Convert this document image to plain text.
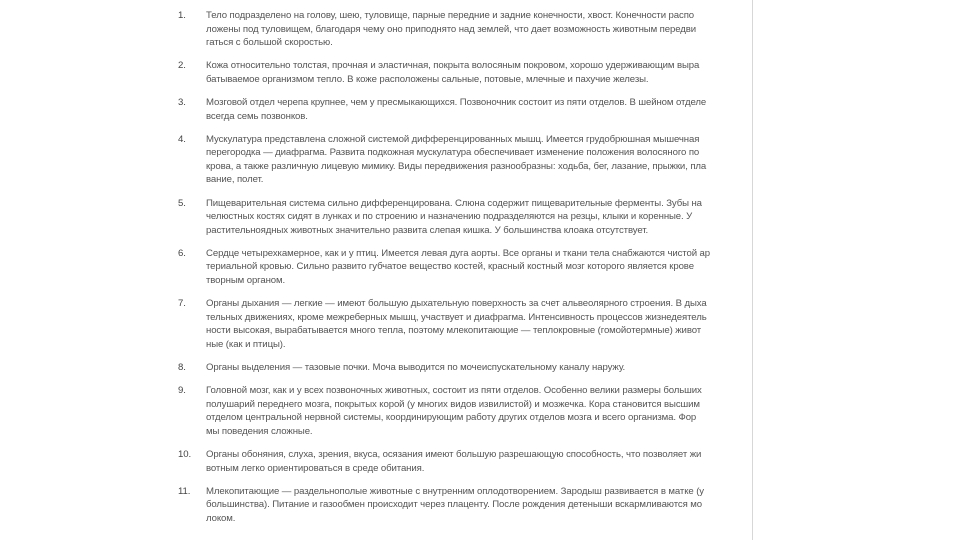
1.	Тело подразделено на голову, шею, туловище, парные передние и задние конечности, хвост. Конечности распо
ложены под туловищем, благодаря чему оно приподнято над землей, что дает возможность животным передви
гаться с большой скоростью.
2.	Кожа относительно толстая, прочная и эластичная, покрыта волосяным покровом, хорошо удерживающим выра
батываемое организмом тепло. В коже расположены сальные, потовые, млечные и пахучие железы.
3.	Мозговой отдел черепа крупнее, чем у пресмыкающихся. Позвоночник состоит из пяти отделов. В шейном отделе
всегда семь позвонков.
4.	Мускулатура представлена сложной системой дифференцированных мышц. Имеется грудобрюшная мышечная
перегородка — диафрагма. Развита подкожная мускулатура обеспечивает изменение положения волосяного по
крова, а также различную лицевую мимику. Виды передвижения разнообразны: ходьба, бег, лазание, прыжки, пла
вание, полет.
5.	Пищеварительная система сильно дифференцирована. Слюна содержит пищеварительные ферменты. Зубы на
челюстных костях сидят в лунках и по строению и назначению подразделяются на резцы, клыки и коренные. У
растительноядных животных значительно развита слепая кишка. У большинства клоака отсутствует.
6.	Сердце четырехкамерное, как и у птиц. Имеется левая дуга аорты. Все органы и ткани тела снабжаются чистой ар
териальной кровью. Сильно развито губчатое вещество костей, красный костный мозг которого является крове
творным органом.
7.	Органы дыхания — легкие — имеют большую дыхательную поверхность за счет альвеолярного строения. В дыха
тельных движениях, кроме межреберных мышц, участвует и диафрагма. Интенсивность процессов жизнедеятель
ности высокая, вырабатывается много тепла, поэтому млекопитающие — теплокровные (гомойотермные) живот
ные (как и птицы).
8.	Органы выделения — тазовые почки. Моча выводится по мочеиспускательному каналу наружу.
9.	Головной мозг, как и у всех позвоночных животных, состоит из пяти отделов. Особенно велики размеры больших
полушарий переднего мозга, покрытых корой (у многих видов извилистой) и мозжечка. Кора становится высшим
отделом центральной нервной системы, координирующим работу других отделов мозга и всего организма. Фор
мы поведения сложные.
10.	Органы обоняния, слуха, зрения, вкуса, осязания имеют большую разрешающую способность, что позволяет жи
вотным легко ориентироваться в среде обитания.
11.	Млекопитающие — раздельнополые животные с внутренним оплодотворением. Зародыш развивается в матке (у
большинства). Питание и газообмен происходит через плаценту. После рождения детеныши вскармливаются мо
локом.
